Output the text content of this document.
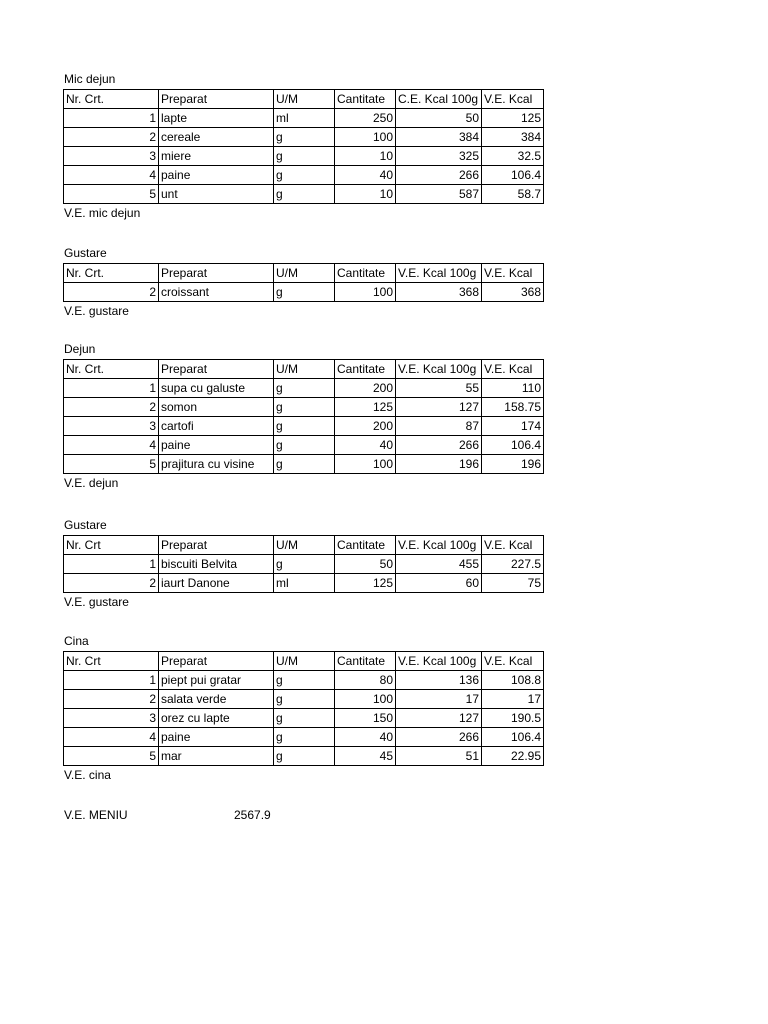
Mic dejun
Nr. Crt.	Preparat	U/M	Cantitate	C.E. Kcal 100g	V.E. Kcal
1	lapte	ml	250	50	125
2	cereale	g	100	384	384
3	miere	g	10	325	32.5
4	paine	g	40	266	106.4
5	unt	g	10	587	58.7
V.E. mic dejun
Gustare
Nr. Crt.	Preparat	U/M	Cantitate	V.E. Kcal 100g	V.E. Kcal
2	croissant	g	100	368	368
V.E. gustare
Dejun
Nr. Crt.	Preparat	U/M	Cantitate	V.E. Kcal 100g	V.E. Kcal
1	supa cu galuste	g	200	55	110
2	somon	g	125	127	158.75
3	cartofi	g	200	87	174
4	paine	g	40	266	106.4
5	prajitura cu visine	g	100	196	196
V.E. dejun
Gustare
Nr. Crt	Preparat	U/M	Cantitate	V.E. Kcal 100g	V.E. Kcal
1	biscuiti Belvita	g	50	455	227.5
2	iaurt Danone	ml	125	60	75
V.E. gustare
Cina
Nr. Crt	Preparat	U/M	Cantitate	V.E. Kcal 100g	V.E. Kcal
1	piept pui gratar	g	80	136	108.8
2	salata verde	g	100	17	17
3	orez cu lapte	g	150	127	190.5
4	paine	g	40	266	106.4
5	mar	g	45	51	22.95
V.E. cina
V.E. MENIU	2567.9
